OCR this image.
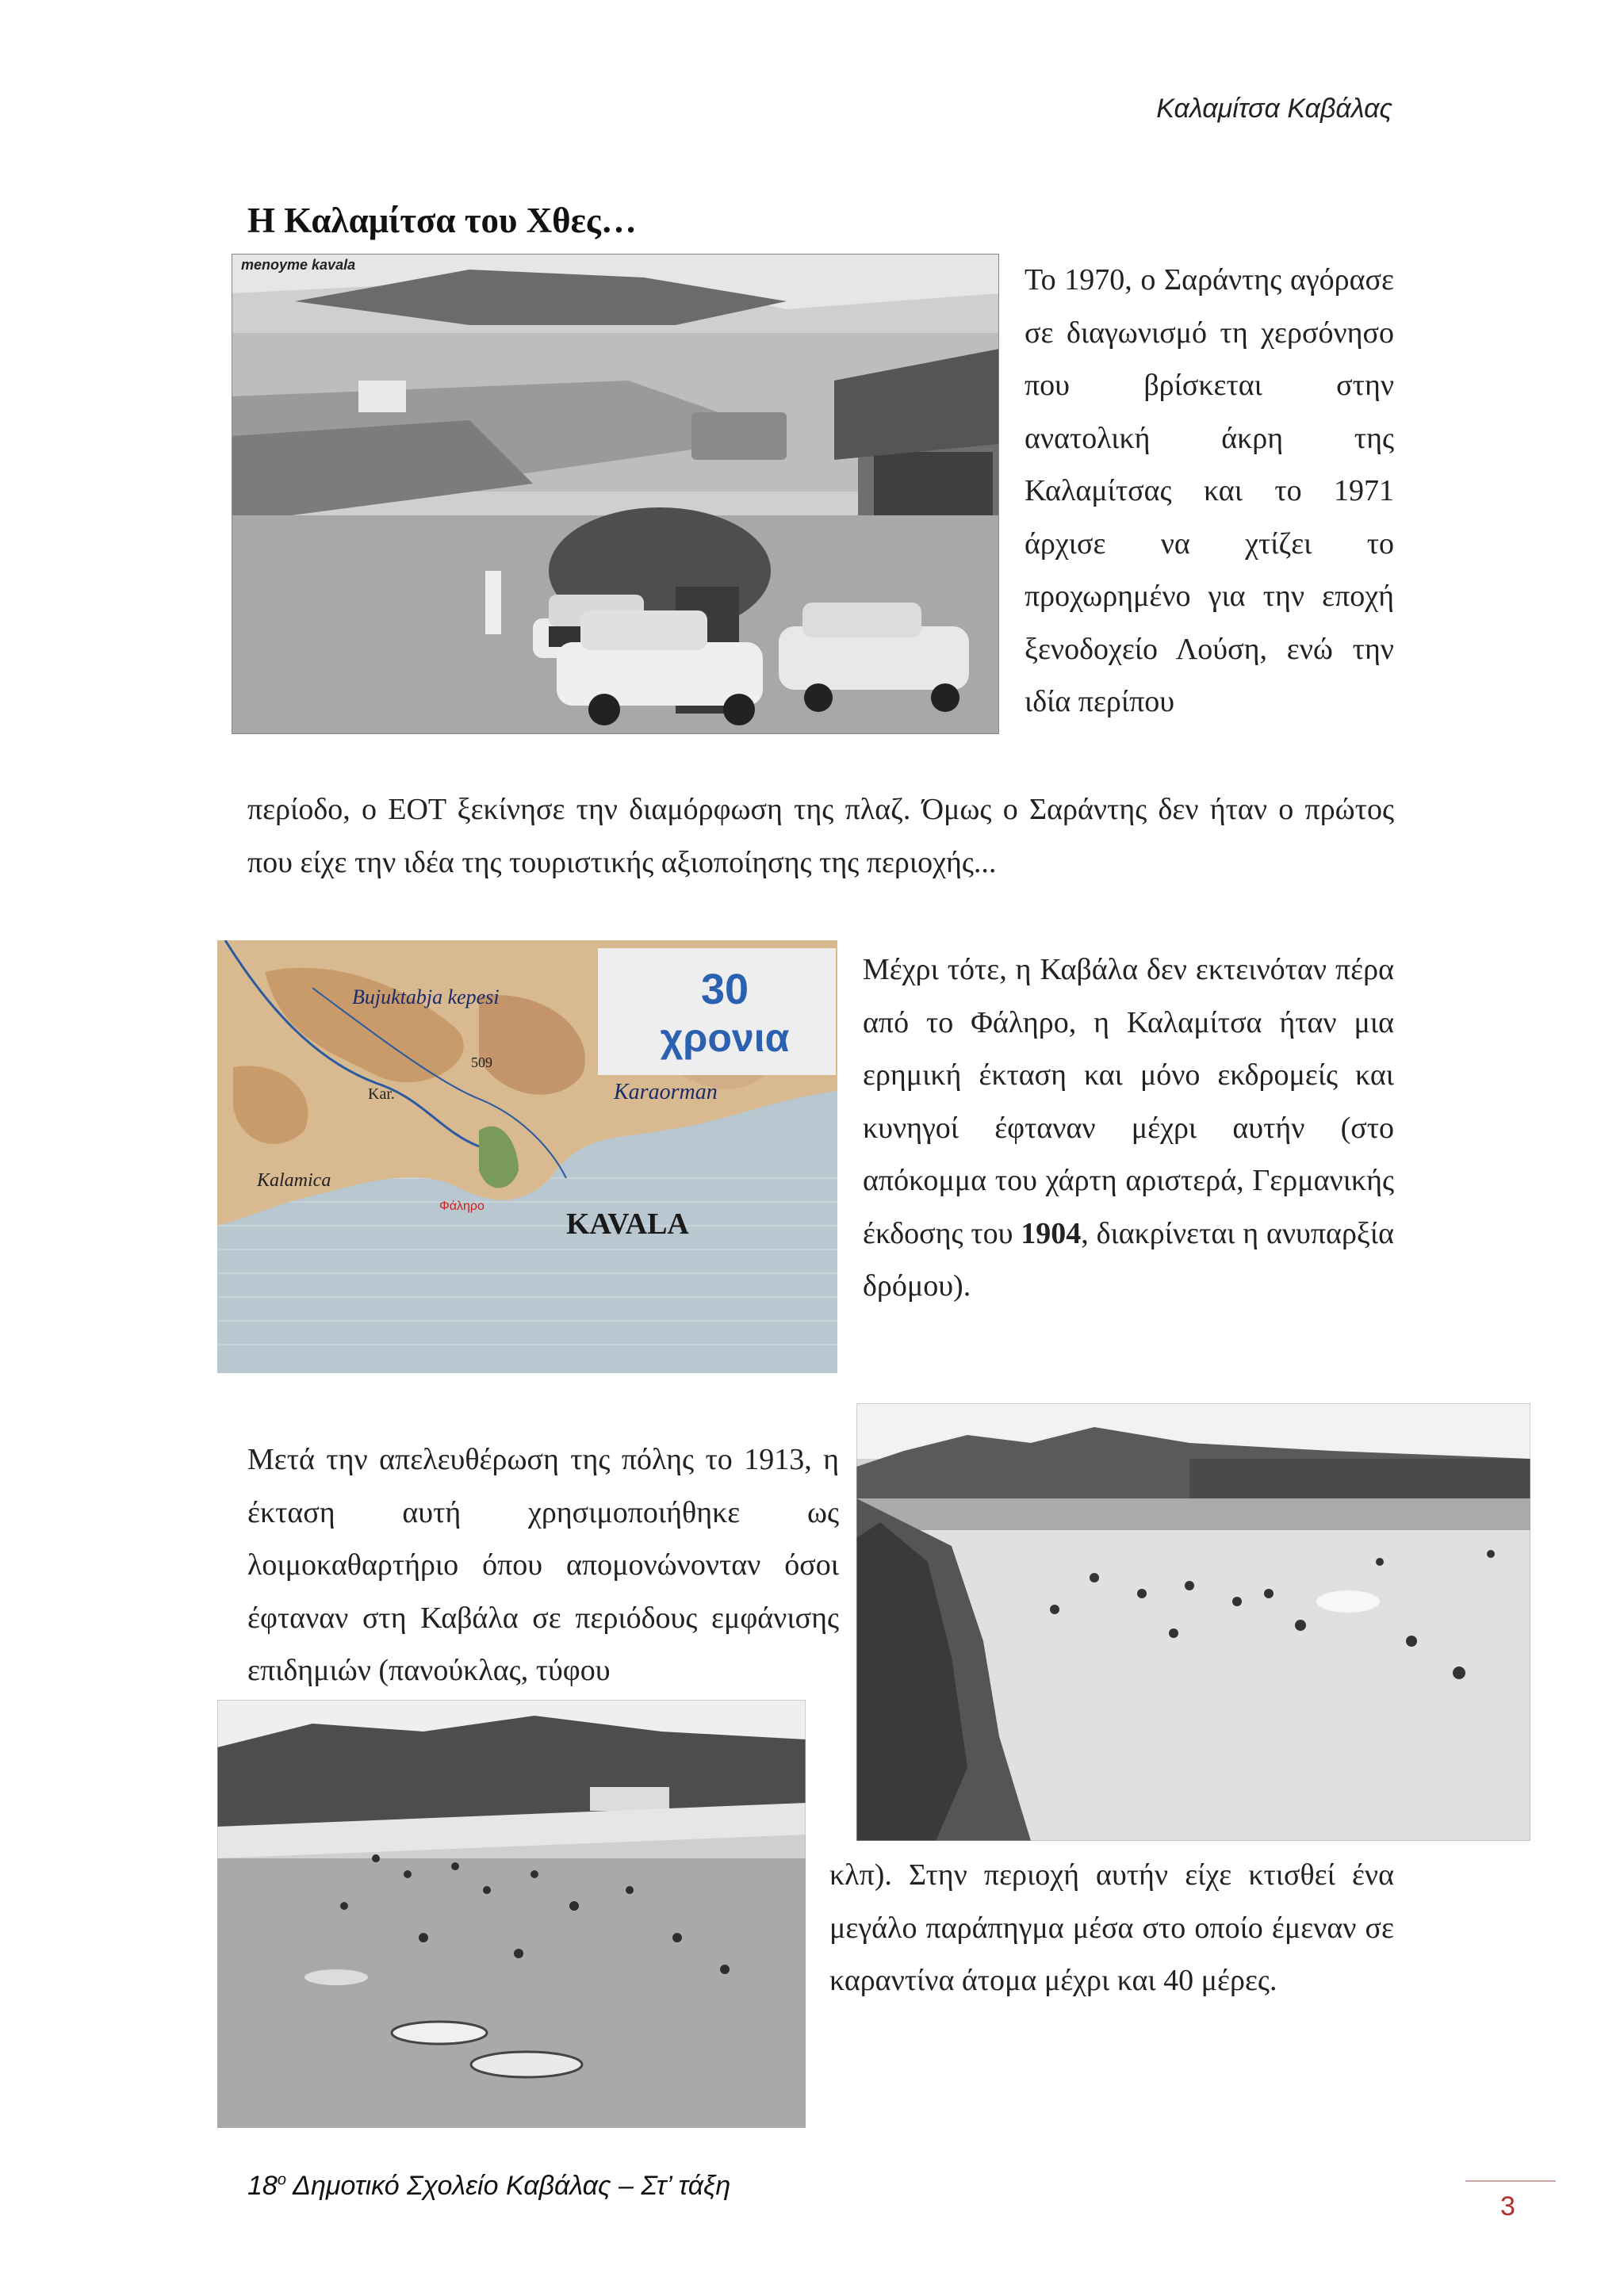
Καλαμίτσα Καβάλας
Η Καλαμίτσα του Χθες…
menoyme kavala	Το 1970, ο Σαράντης αγόρασε σε διαγωνισμό τη χερσόνησο που βρίσκεται στην ανατολική άκρη της Καλαμίτσας και το 1971 άρχισε να χτίζει το προχωρημένο για την εποχή ξενοδοχείο Λούση, ενώ την ιδία περίπου
περίοδο, ο ΕΟΤ ξεκίνησε την διαμόρφωση της πλαζ. Όμως ο Σαράντης δεν ήταν ο πρώτος που είχε την ιδέα της τουριστικής αξιοποίησης της περιοχής...
30
χρονια
KAVALA
Kalamica
Karaorman
Bujuktabja kepesi
Φάληρο
Kar.
509
Μέχρι τότε, η Καβάλα δεν εκτεινόταν πέρα από το Φάληρο, η Καλαμίτσα ήταν μια ερημική έκταση και μόνο εκδρομείς και κυνηγοί έφταναν μέχρι αυτήν (στο απόκομμα του χάρτη αριστερά, Γερμανικής έκδοσης του 1904, διακρίνεται η ανυπαρξία δρόμου).
Μετά την απελευθέρωση της πόλης το 1913, η έκταση αυτή χρησιμοποιήθηκε ως λοιμοκαθαρτήριο όπου απομονώνονταν όσοι έφταναν στη Καβάλα σε περιόδους εμφάνισης επιδημιών (πανούκλας, τύφου
κλπ). Στην περιοχή αυτήν είχε κτισθεί ένα μεγάλο παράπηγμα μέσα στο οποίο έμεναν σε καραντίνα άτομα μέχρι και 40 μέρες.
$18^o$ Δημοτικό Σχολείο Καβάλας – Στ’ τάξη
3
